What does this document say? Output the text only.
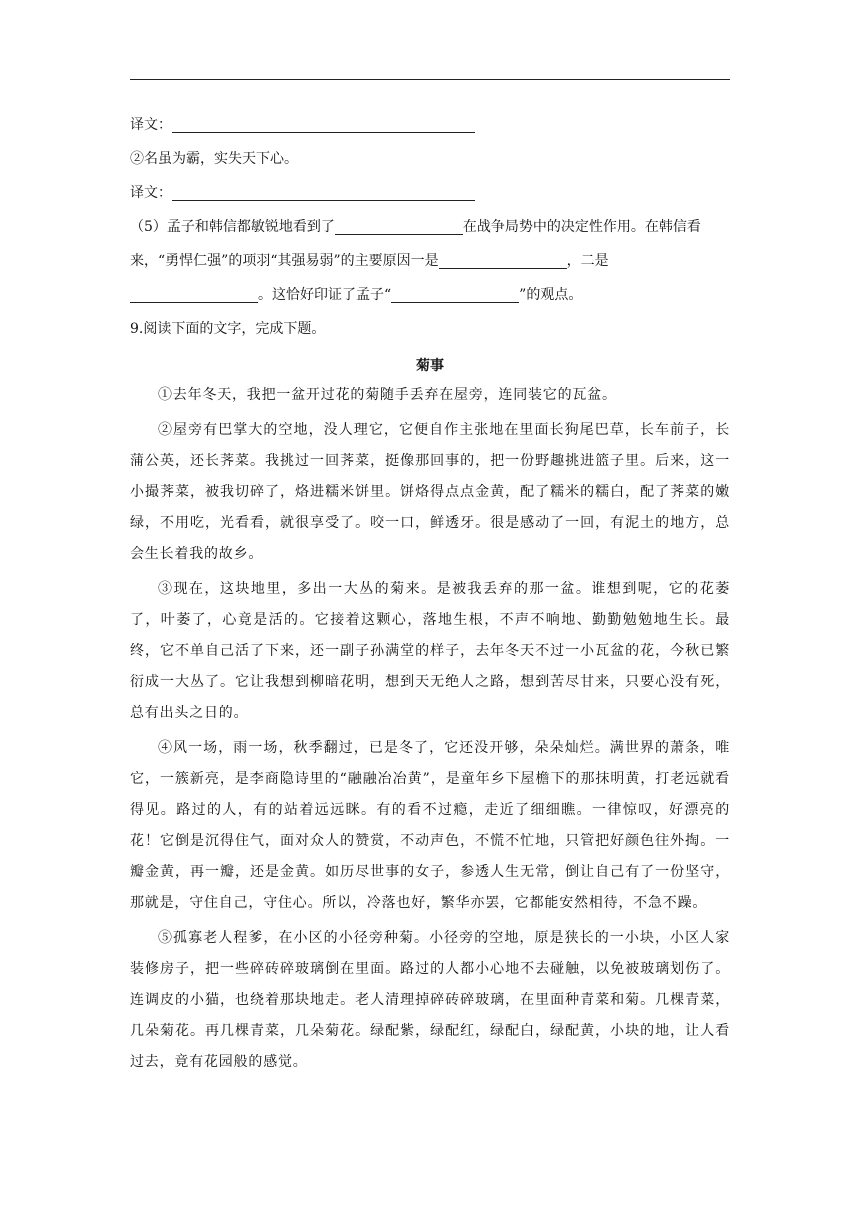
译文：
②名虽为霸，实失天下心。
译文：
（5）孟子和韩信都敏锐地看到了	在战争局势中的决定性作用。在韩信看
来，“勇悍仁强”的项羽“其强易弱”的主要原因一是	，二是
。这恰好印证了孟子“	”的观点。
9.阅读下面的文字，完成下题。
菊事

①去年冬天，我把一盆开过花的菊随手丢弃在屋旁，连同装它的瓦盆。

②屋旁有巴掌大的空地，没人理它，它便自作主张地在里面长狗尾巴草，长车前子，长蒲公英，还长荠菜。我挑过一回荠菜，挺像那回事的，把一份野趣挑进篮子里。后来，这一小撮荠菜，被我切碎了，烙进糯米饼里。饼烙得点点金黄，配了糯米的糯白，配了荠菜的嫩绿，不用吃，光看看，就很享受了。咬一口，鲜透牙。很是感动了一回，有泥土的地方，总会生长着我的故乡。

③现在，这块地里，多出一大丛的菊来。是被我丢弃的那一盆。谁想到呢，它的花萎了，叶萎了，心竟是活的。它接着这颗心，落地生根，不声不响地、勤勤勉勉地生长。最终，它不单自己活了下来，还一副子孙满堂的样子，去年冬天不过一小瓦盆的花，今秋已繁衍成一大丛了。它让我想到柳暗花明，想到天无绝人之路，想到苦尽甘来，只要心没有死，总有出头之日的。

④风一场，雨一场，秋季翻过，已是冬了，它还没开够，朵朵灿烂。满世界的萧条，唯它，一簇新亮，是李商隐诗里的“融融冶冶黄”，是童年乡下屋檐下的那抹明黄，打老远就看得见。路过的人，有的站着远远眯。有的看不过瘾，走近了细细瞧。一律惊叹，好漂亮的花！它倒是沉得住气，面对众人的赞赏，不动声色，不慌不忙地，只管把好颜色往外掏。一瓣金黄，再一瓣，还是金黄。如历尽世事的女子，参透人生无常，倒让自己有了一份坚守，那就是，守住自己，守住心。所以，冷落也好，繁华亦罢，它都能安然相待，不急不躁。

⑤孤寡老人程爹，在小区的小径旁种菊。小径旁的空地，原是狭长的一小块，小区人家装修房子，把一些碎砖碎玻璃倒在里面。路过的人都小心地不去碰触，以免被玻璃划伤了。连调皮的小猫，也绕着那块地走。老人清理掉碎砖碎玻璃，在里面种青菜和菊。几棵青菜，几朵菊花。再几棵青菜，几朵菊花。绿配紫，绿配红，绿配白，绿配黄，小块的地，让人看过去，竟有花园般的感觉。
